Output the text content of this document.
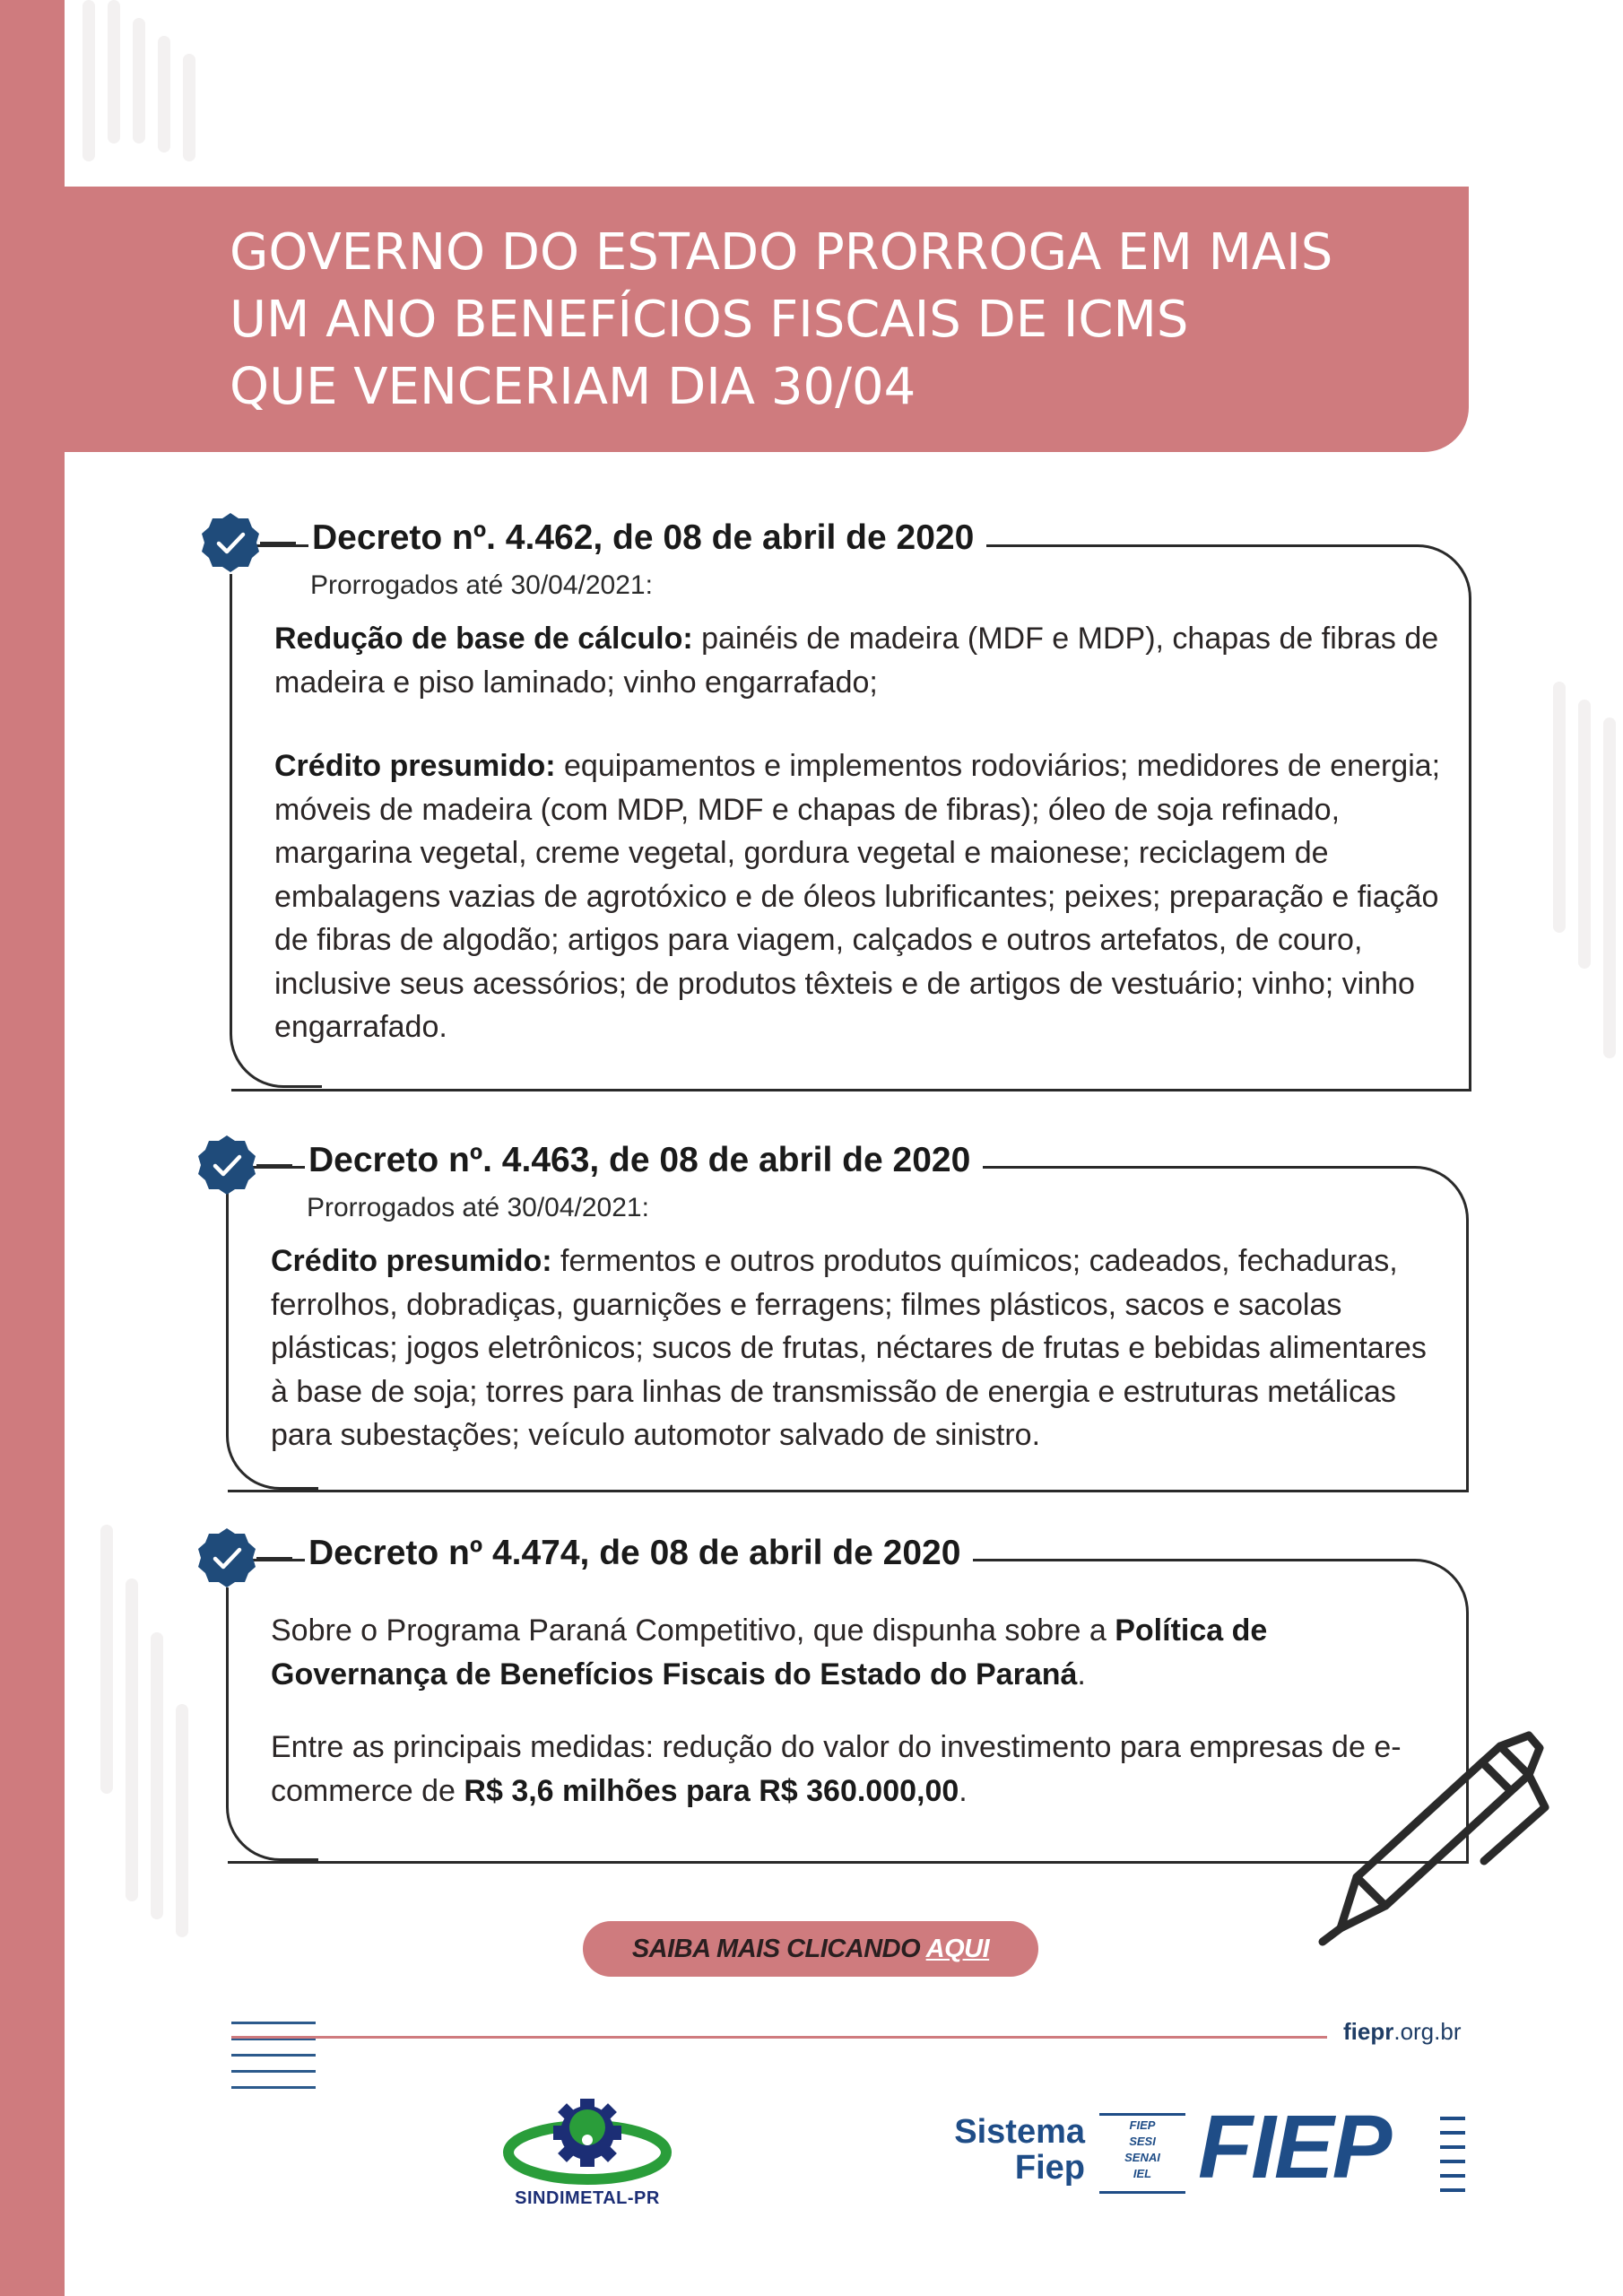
GOVERNO DO ESTADO PRORROGA EM MAIS
UM ANO BENEFÍCIOS FISCAIS DE ICMS
QUE VENCERIAM DIA 30/04
Decreto nº. 4.462, de 08 de abril de 2020
Prorrogados até 30/04/2021:
Redução de base de cálculo: painéis de madeira (MDF e MDP), chapas de fibras de madeira e piso laminado; vinho engarrafado;
Crédito presumido: equipamentos e implementos rodoviários; medidores de energia; móveis de madeira (com MDP, MDF e chapas de fibras); óleo de soja refinado, margarina vegetal, creme vegetal, gordura vegetal e maionese; reciclagem de embalagens vazias de agrotóxico e de óleos lubrificantes; peixes; preparação e fiação de fibras de algodão; artigos para viagem, calçados e outros artefatos, de couro, inclusive seus acessórios; de produtos têxteis e de artigos de vestuário; vinho; vinho engarrafado.
Decreto nº. 4.463, de 08 de abril de 2020
Prorrogados até 30/04/2021:
Crédito presumido: fermentos e outros produtos químicos; cadeados, fechaduras, ferrolhos, dobradiças, guarnições e ferragens; filmes plásticos, sacos e sacolas plásticas; jogos eletrônicos; sucos de frutas, néctares de frutas e bebidas alimentares à base de soja; torres para linhas de transmissão de energia e estruturas metálicas para subestações; veículo automotor salvado de sinistro.
Decreto nº 4.474, de 08 de abril de 2020
Sobre o Programa Paraná Competitivo, que dispunha sobre a Política de Governança de Benefícios Fiscais do Estado do Paraná.
Entre as principais medidas: redução do valor do investimento para empresas de e-commerce de R$ 3,6 milhões para R$ 360.000,00.
SAIBA MAIS CLICANDO AQUI
fiepr.org.br
SINDIMETAL-PR
Sistema
Fiep
FIEP
SESI
SENAI
IEL FIEP
